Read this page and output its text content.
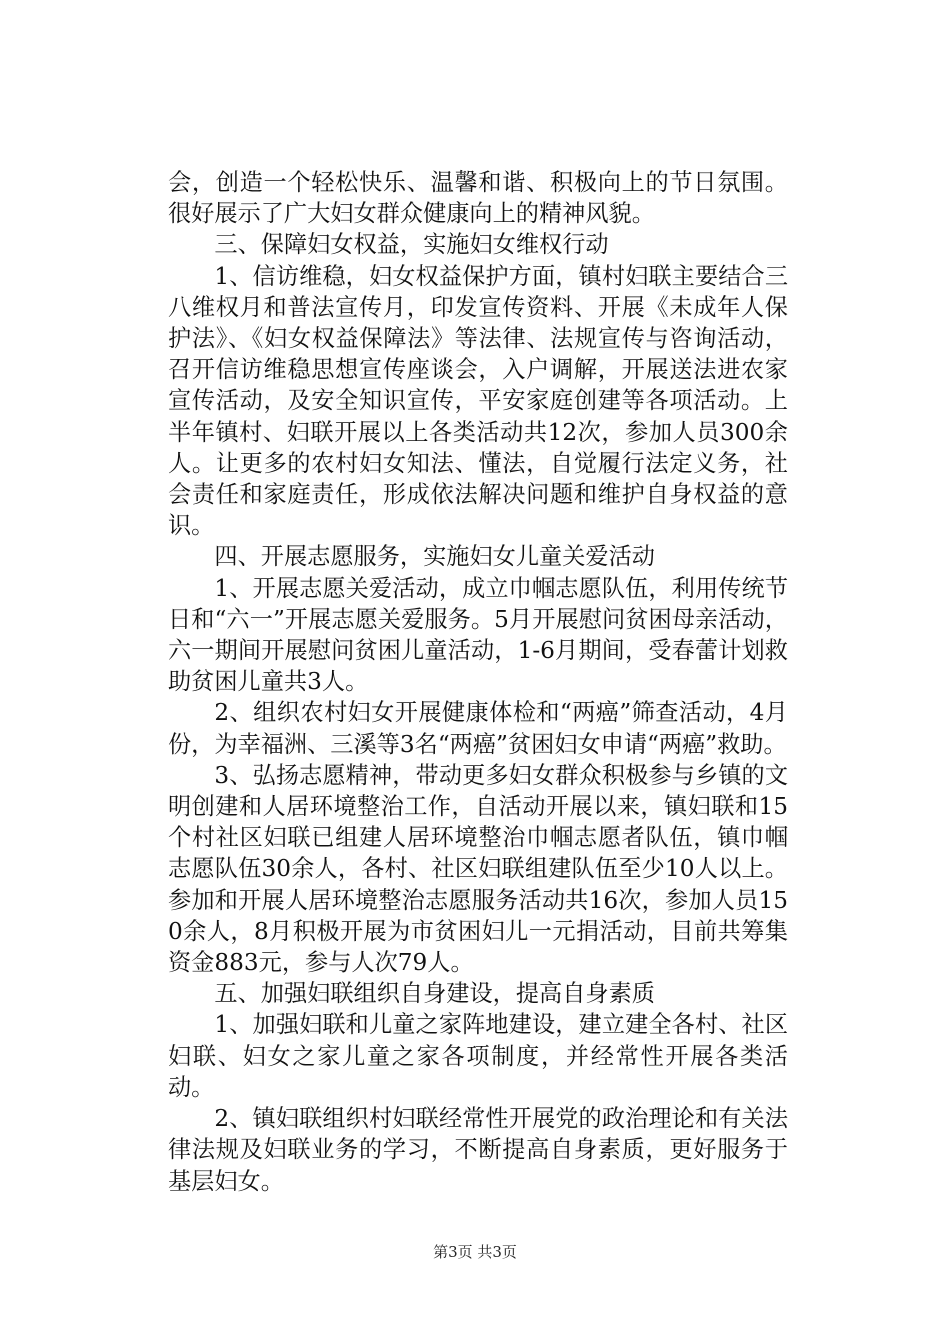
会，创造一个轻松快乐、温馨和谐、积极向上的节日氛围。很好展示了广大妇女群众健康向上的精神风貌。

三、保障妇女权益，实施妇女维权行动

1、信访维稳，妇女权益保护方面，镇村妇联主要结合三八维权月和普法宣传月，印发宣传资料、开展《未成年人保护法》、《妇女权益保障法》等法律、法规宣传与咨询活动，召开信访维稳思想宣传座谈会，入户调解，开展送法进农家宣传活动，及安全知识宣传，平安家庭创建等各项活动。上半年镇村、妇联开展以上各类活动共12次，参加人员300余人。让更多的农村妇女知法、懂法，自觉履行法定义务，社会责任和家庭责任，形成依法解决问题和维护自身权益的意识。

四、开展志愿服务，实施妇女儿童关爱活动

1、开展志愿关爱活动，成立巾帼志愿队伍，利用传统节日和“六一”开展志愿关爱服务。5月开展慰问贫困母亲活动，六一期间开展慰问贫困儿童活动，1-6月期间，受春蕾计划救助贫困儿童共3人。

2、组织农村妇女开展健康体检和“两癌”筛查活动，4月份，为幸福洲、三溪等3名“两癌”贫困妇女申请“两癌”救助。

3、弘扬志愿精神，带动更多妇女群众积极参与乡镇的文明创建和人居环境整治工作，自活动开展以来，镇妇联和15个村社区妇联已组建人居环境整治巾帼志愿者队伍，镇巾帼志愿队伍30余人，各村、社区妇联组建队伍至少10人以上。参加和开展人居环境整治志愿服务活动共16次，参加人员150余人，8月积极开展为市贫困妇儿一元捐活动，目前共筹集资金883元，参与人次79人。

五、加强妇联组织自身建设，提高自身素质

1、加强妇联和儿童之家阵地建设，建立建全各村、社区妇联、妇女之家儿童之家各项制度，并经常性开展各类活动。

2、镇妇联组织村妇联经常性开展党的政治理论和有关法律法规及妇联业务的学习，不断提高自身素质，更好服务于基层妇女。

第3页 共3页
